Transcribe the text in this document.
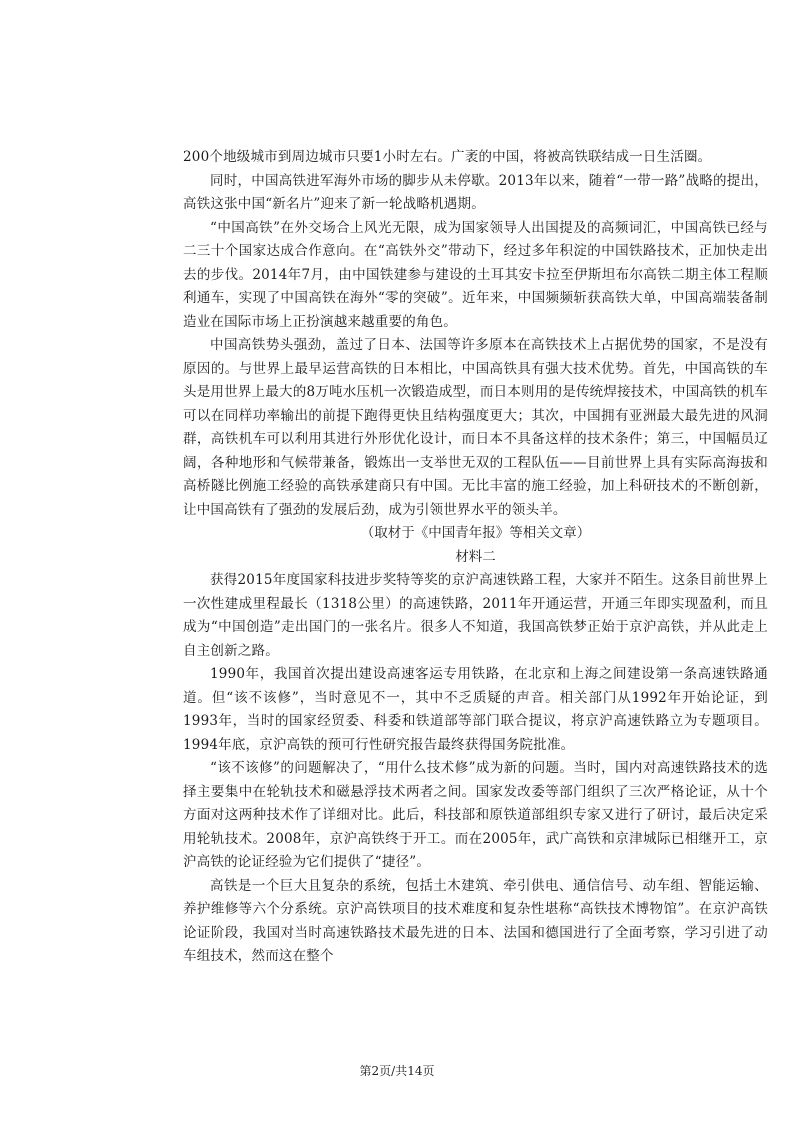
200个地级城市到周边城市只要1小时左右。广袤的中国，将被高铁联结成一日生活圈。

同时，中国高铁进军海外市场的脚步从未停歇。2013年以来，随着“一带一路”战略的提出，高铁这张中国“新名片”迎来了新一轮战略机遇期。

“中国高铁”在外交场合上风光无限，成为国家领导人出国提及的高频词汇，中国高铁已经与二三十个国家达成合作意向。在“高铁外交”带动下，经过多年积淀的中国铁路技术，正加快走出去的步伐。2014年7月，由中国铁建参与建设的土耳其安卡拉至伊斯坦布尔高铁二期主体工程顺利通车，实现了中国高铁在海外“零的突破”。近年来，中国频频斩获高铁大单，中国高端装备制造业在国际市场上正扮演越来越重要的角色。

中国高铁势头强劲，盖过了日本、法国等许多原本在高铁技术上占据优势的国家，不是没有原因的。与世界上最早运营高铁的日本相比，中国高铁具有强大技术优势。首先，中国高铁的车头是用世界上最大的8万吨水压机一次锻造成型，而日本则用的是传统焊接技术，中国高铁的机车可以在同样功率输出的前提下跑得更快且结构强度更大；其次，中国拥有亚洲最大最先进的风洞群，高铁机车可以利用其进行外形优化设计，而日本不具备这样的技术条件；第三，中国幅员辽阔，各种地形和气候带兼备，锻炼出一支举世无双的工程队伍——目前世界上具有实际高海拔和高桥隧比例施工经验的高铁承建商只有中国。无比丰富的施工经验，加上科研技术的不断创新，让中国高铁有了强劲的发展后劲，成为引领世界水平的领头羊。

（取材于《中国青年报》等相关文章）

材料二

获得2015年度国家科技进步奖特等奖的京沪高速铁路工程，大家并不陌生。这条目前世界上一次性建成里程最长（1318公里）的高速铁路，2011年开通运营，开通三年即实现盈利，而且成为“中国创造”走出国门的一张名片。很多人不知道，我国高铁梦正始于京沪高铁，并从此走上自主创新之路。

1990年，我国首次提出建设高速客运专用铁路，在北京和上海之间建设第一条高速铁路通道。但“该不该修”，当时意见不一，其中不乏质疑的声音。相关部门从1992年开始论证，到1993年，当时的国家经贸委、科委和铁道部等部门联合提议，将京沪高速铁路立为专题项目。1994年底，京沪高铁的预可行性研究报告最终获得国务院批准。

“该不该修”的问题解决了，“用什么技术修”成为新的问题。当时，国内对高速铁路技术的选择主要集中在轮轨技术和磁悬浮技术两者之间。国家发改委等部门组织了三次严格论证，从十个方面对这两种技术作了详细对比。此后，科技部和原铁道部组织专家又进行了研讨，最后决定采用轮轨技术。2008年，京沪高铁终于开工。而在2005年，武广高铁和京津城际已相继开工，京沪高铁的论证经验为它们提供了“捷径”。

高铁是一个巨大且复杂的系统，包括土木建筑、牵引供电、通信信号、动车组、智能运输、养护维修等六个分系统。京沪高铁项目的技术难度和复杂性堪称“高铁技术博物馆”。在京沪高铁论证阶段，我国对当时高速铁路技术最先进的日本、法国和德国进行了全面考察，学习引进了动车组技术，然而这在整个

第2页/共14页
